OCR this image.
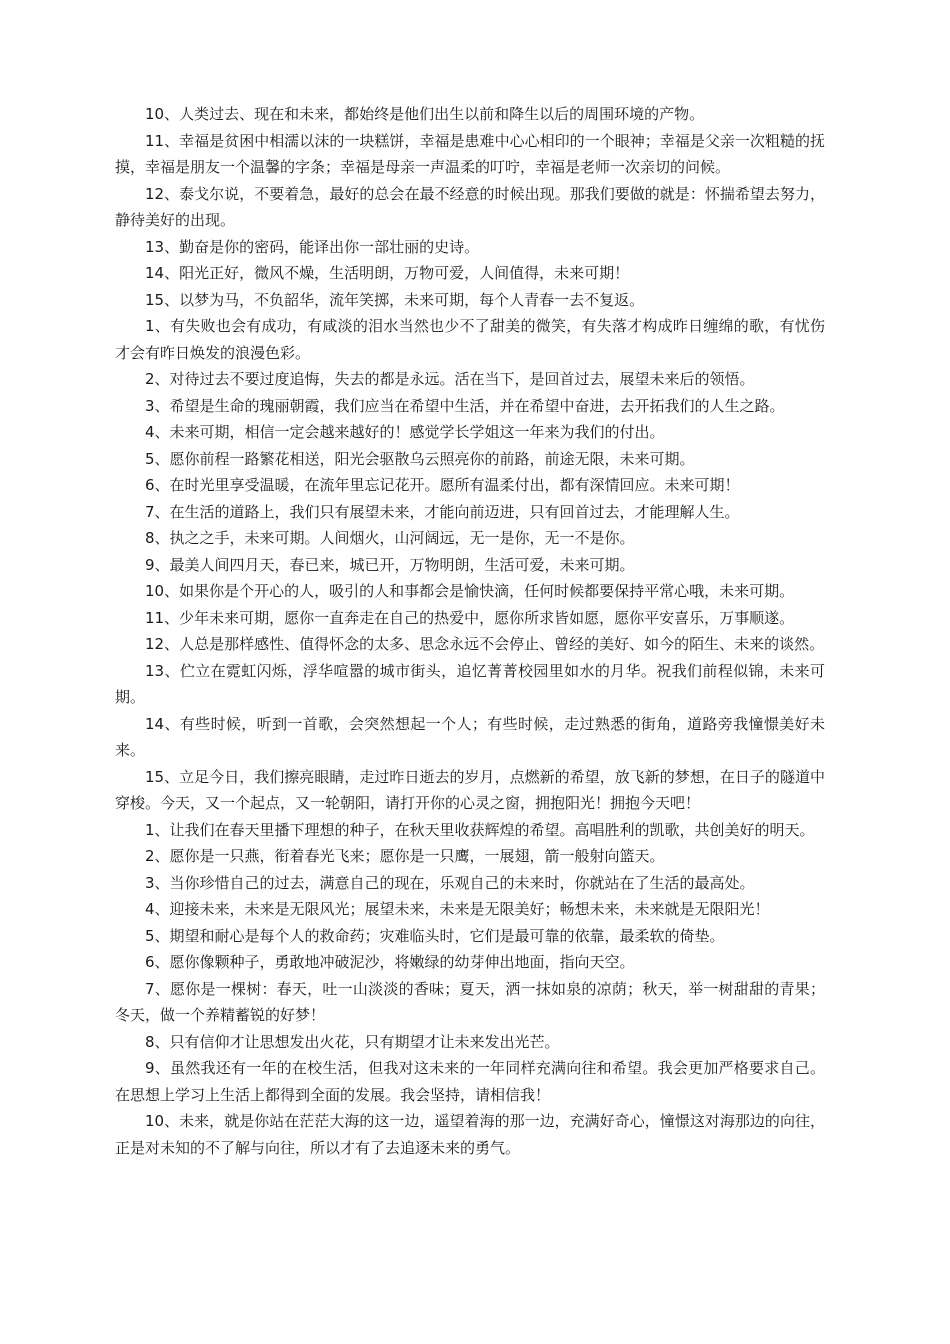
10、人类过去、现在和未来，都始终是他们出生以前和降生以后的周围环境的产物。

11、幸福是贫困中相濡以沫的一块糕饼，幸福是患难中心心相印的一个眼神；幸福是父亲一次粗糙的抚摸，幸福是朋友一个温馨的字条；幸福是母亲一声温柔的叮咛，幸福是老师一次亲切的问候。

12、泰戈尔说，不要着急，最好的总会在最不经意的时候出现。那我们要做的就是：怀揣希望去努力，静待美好的出现。

13、勤奋是你的密码，能译出你一部壮丽的史诗。

14、阳光正好，微风不燥，生活明朗，万物可爱，人间值得，未来可期！

15、以梦为马，不负韶华，流年笑掷，未来可期，每个人青春一去不复返。

1、有失败也会有成功，有咸淡的泪水当然也少不了甜美的微笑，有失落才构成昨日缠绵的歌，有忧伤才会有昨日焕发的浪漫色彩。

2、对待过去不要过度追悔，失去的都是永远。活在当下，是回首过去，展望未来后的领悟。

3、希望是生命的瑰丽朝霞，我们应当在希望中生活，并在希望中奋进，去开拓我们的人生之路。

4、未来可期，相信一定会越来越好的！感觉学长学姐这一年来为我们的付出。

5、愿你前程一路繁花相送，阳光会驱散乌云照亮你的前路，前途无限，未来可期。

6、在时光里享受温暖，在流年里忘记花开。愿所有温柔付出，都有深情回应。未来可期！

7、在生活的道路上，我们只有展望未来，才能向前迈进，只有回首过去，才能理解人生。

8、执之之手，未来可期。人间烟火，山河阔远，无一是你，无一不是你。

9、最美人间四月天，春已来，城已开，万物明朗，生活可爱，未来可期。

10、如果你是个开心的人，吸引的人和事都会是愉快滴，任何时候都要保持平常心哦，未来可期。

11、少年未来可期，愿你一直奔走在自己的热爱中，愿你所求皆如愿，愿你平安喜乐，万事顺遂。

12、人总是那样感性、值得怀念的太多、思念永远不会停止、曾经的美好、如今的陌生、未来的谈然。

13、伫立在霓虹闪烁，浮华喧嚣的城市街头，追忆菁菁校园里如水的月华。祝我们前程似锦，未来可期。

14、有些时候，听到一首歌，会突然想起一个人；有些时候，走过熟悉的街角，道路旁我憧憬美好未来。

15、立足今日，我们擦亮眼睛，走过昨日逝去的岁月，点燃新的希望，放飞新的梦想，在日子的隧道中穿梭。今天，又一个起点，又一轮朝阳，请打开你的心灵之窗，拥抱阳光！拥抱今天吧！

1、让我们在春天里播下理想的种子，在秋天里收获辉煌的希望。高唱胜利的凯歌，共创美好的明天。

2、愿你是一只燕，衔着春光飞来；愿你是一只鹰，一展翅，箭一般射向篮天。

3、当你珍惜自己的过去，满意自己的现在，乐观自己的未来时，你就站在了生活的最高处。

4、迎接未来，未来是无限风光；展望未来，未来是无限美好；畅想未来，未来就是无限阳光！

5、期望和耐心是每个人的救命药；灾难临头时，它们是最可靠的依靠，最柔软的倚垫。

6、愿你像颗种子，勇敢地冲破泥沙，将嫩绿的幼芽伸出地面，指向天空。

7、愿你是一棵树：春天，吐一山淡淡的香味；夏天，洒一抹如泉的凉荫；秋天，举一树甜甜的青果；冬天，做一个养精蓄锐的好梦！

8、只有信仰才让思想发出火花，只有期望才让未来发出光芒。

9、虽然我还有一年的在校生活，但我对这未来的一年同样充满向往和希望。我会更加严格要求自己。在思想上学习上生活上都得到全面的发展。我会坚持，请相信我！

10、未来，就是你站在茫茫大海的这一边，遥望着海的那一边，充满好奇心，憧憬这对海那边的向往，正是对未知的不了解与向往，所以才有了去追逐未来的勇气。
